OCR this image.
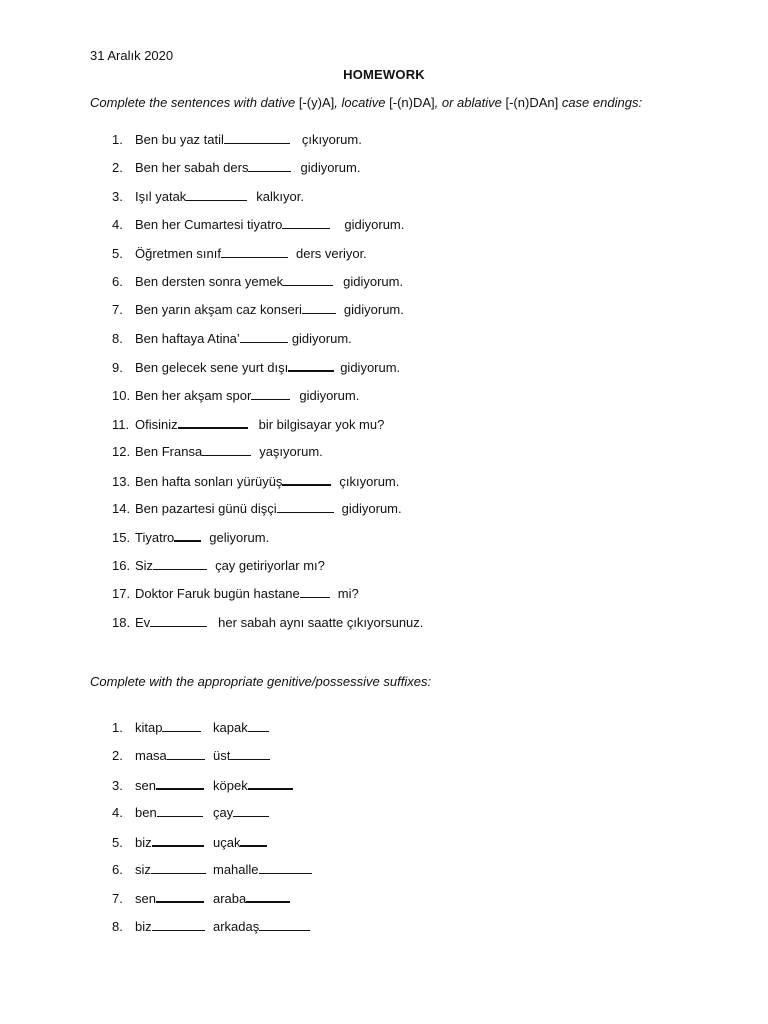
31 Aralık 2020
HOMEWORK
Complete the sentences with dative [-(y)A], locative [-(n)DA], or ablative [-(n)DAn] case endings:
1. Ben bu yaz tatil	çıkıyorum.
2. Ben her sabah ders	gidiyorum.
3. Işıl yatak	kalkıyor.
4. Ben her Cumartesi tiyatro	gidiyorum.
5. Öğretmen sınıf	ders veriyor.
6. Ben dersten sonra yemek	gidiyorum.
7. Ben yarın akşam caz konseri	gidiyorum.
8. Ben haftaya Atina’	gidiyorum.
9. Ben gelecek sene yurt dışı	gidiyorum.
10. Ben her akşam spor	gidiyorum.
11. Ofisiniz	bir bilgisayar yok mu?
12. Ben Fransa	yaşıyorum.
13. Ben hafta sonları yürüyüş	çıkıyorum.
14. Ben pazartesi günü dişçi	gidiyorum.
15. Tiyatro	geliyorum.
16. Siz	çay getiriyorlar mı?
17. Doktor Faruk bugün hastane	mi?
18. Ev	her sabah aynı saatte çıkıyorsunuz.
Complete with the appropriate genitive/possessive suffixes:
1. kitap	kapak
2. masa	üst
3. sen	köpek
4. ben	çay
5. biz	uçak
6. siz	mahalle
7. sen	araba
8. biz	arkadaş
